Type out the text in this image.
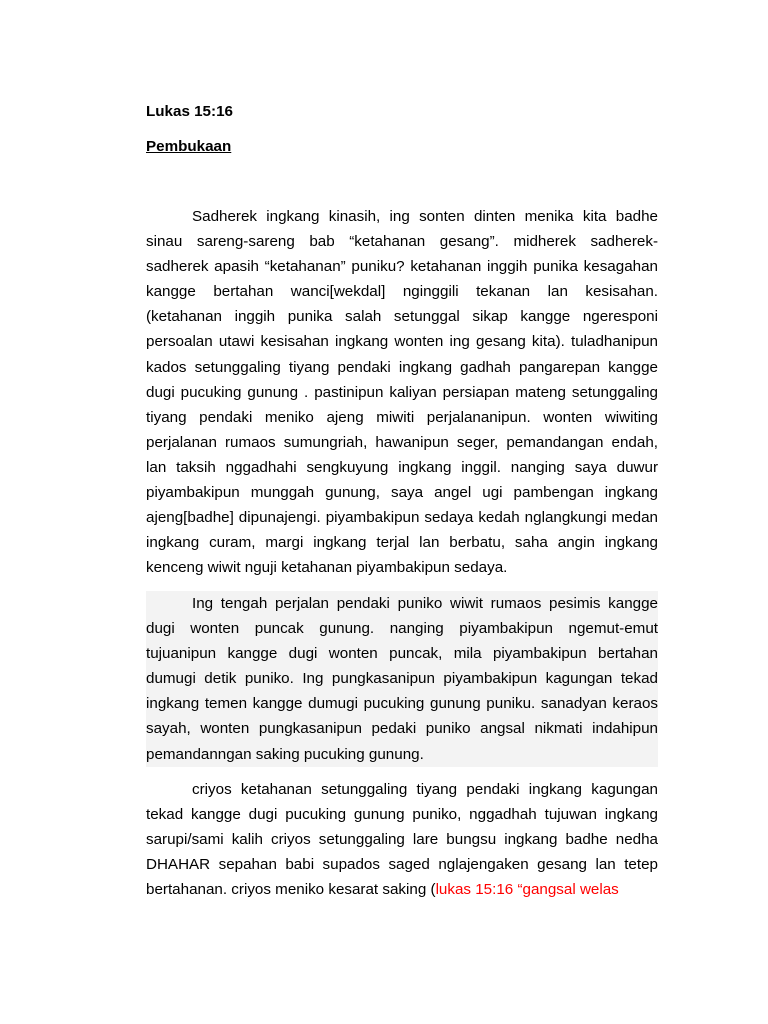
Lukas 15:16
Pembukaan
Sadherek ingkang kinasih, ing sonten dinten menika kita badhe sinau sareng-sareng bab “ketahanan gesang”. midherek sadherek-sadherek apasih “ketahanan” puniku? ketahanan inggih punika kesagahan kangge bertahan wanci[wekdal] nginggili tekanan lan kesisahan. (ketahanan inggih punika salah setunggal sikap kangge ngeresponi persoalan utawi kesisahan ingkang wonten ing gesang kita). tuladhanipun kados setunggaling tiyang pendaki ingkang gadhah pangarepan kangge dugi pucuking gunung . pastinipun kaliyan persiapan mateng setunggaling tiyang pendaki meniko ajeng miwiti perjalananipun. wonten wiwiting perjalanan rumaos sumungriah, hawanipun seger, pemandangan endah, lan taksih nggadhahi sengkuyung ingkang inggil. nanging saya duwur piyambakipun munggah gunung, saya angel ugi pambengan ingkang ajeng[badhe] dipunajengi. piyambakipun sedaya kedah nglangkungi medan ingkang curam, margi ingkang terjal lan berbatu, saha angin ingkang kenceng wiwit nguji ketahanan piyambakipun sedaya.
Ing tengah perjalan pendaki puniko wiwit rumaos pesimis kangge dugi wonten puncak gunung. nanging piyambakipun ngemut-emut tujuanipun kangge dugi wonten puncak, mila piyambakipun bertahan dumugi detik puniko. Ing pungkasanipun piyambakipun kagungan tekad ingkang temen kangge dumugi pucuking gunung puniku. sanadyan keraos sayah, wonten pungkasanipun pedaki puniko angsal nikmati indahipun pemandanngan saking pucuking gunung.
criyos ketahanan setunggaling tiyang pendaki ingkang kagungan tekad kangge dugi pucuking gunung puniko, nggadhah tujuwan ingkang sarupi/sami kalih criyos setunggaling lare bungsu ingkang badhe nedha DHAHAR sepahan babi supados saged nglajengaken gesang lan tetep bertahanan. criyos meniko kesarat saking (lukas 15:16 “gangsal welas
